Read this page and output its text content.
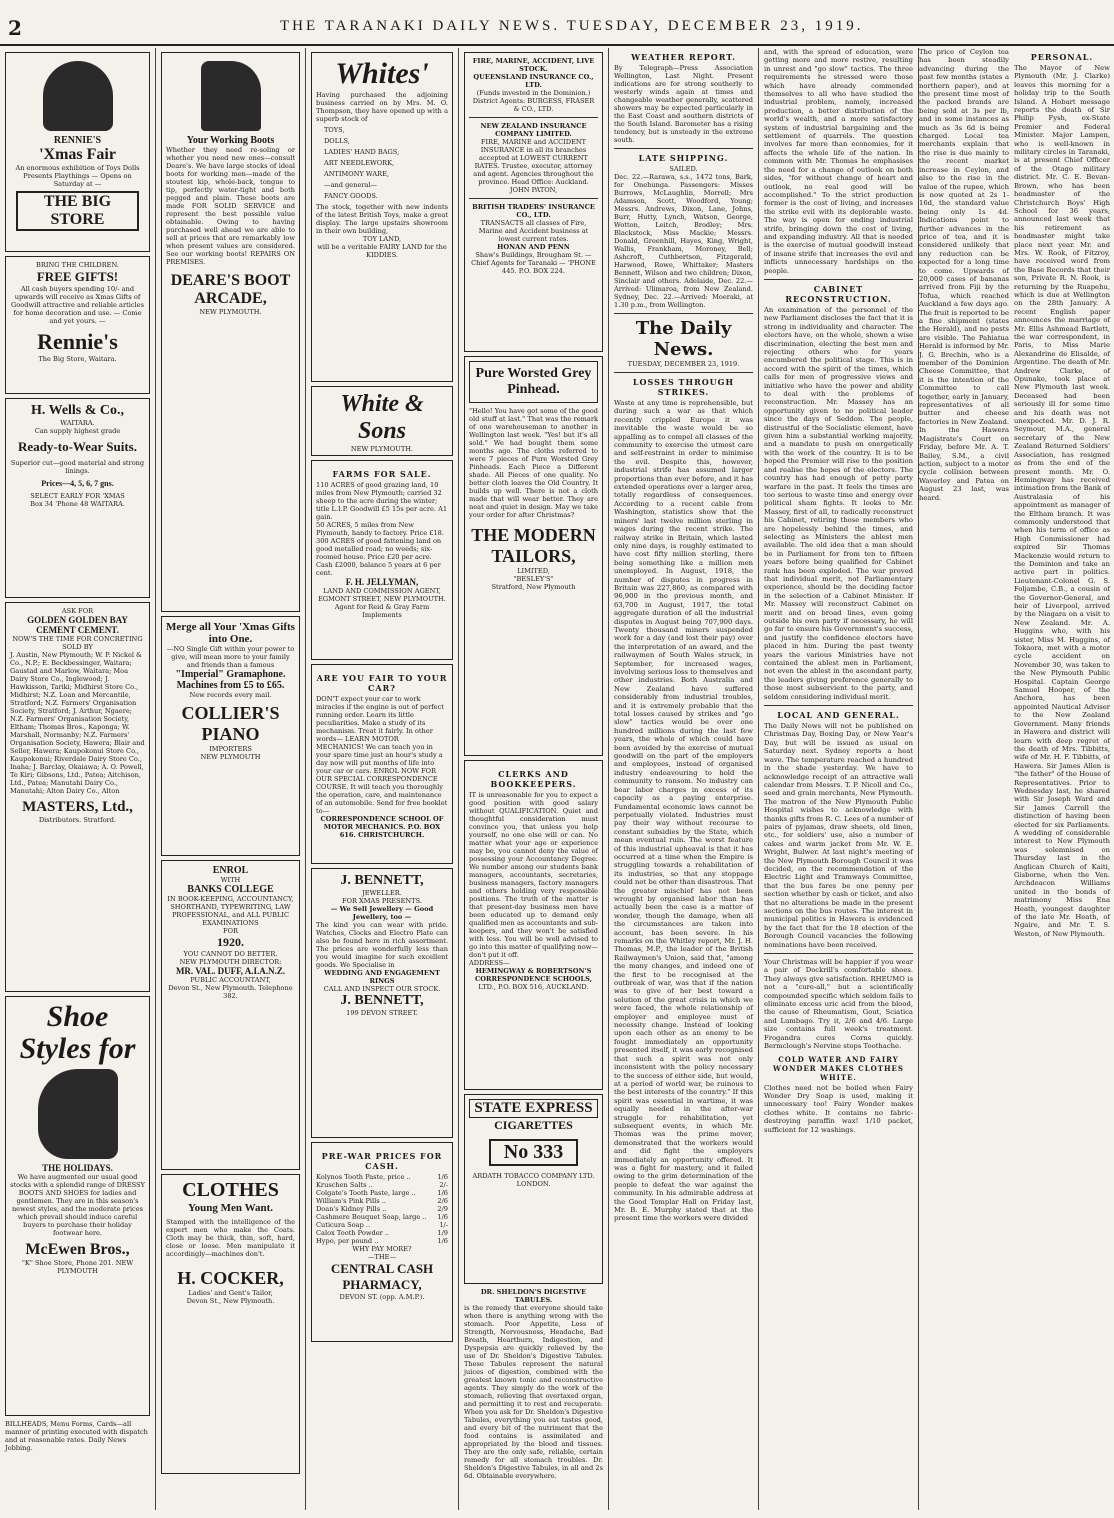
2	THE TARANAKI DAILY NEWS. TUESDAY, DECEMBER 23, 1919.
RENNIE'S
'Xmas Fair
An enormous exhibition of Toys Dolls Presents Playthings — Opens on Saturday at —
THE BIG STORE
BRING THE CHILDREN.
FREE GIFTS!
All cash buyers spending 10/- and upwards will receive as Xmas Gifts of Goodwill attractive and reliable articles for home decoration and use. — Come and yet yours. —
Rennie's
The Big Store, Waitara.
H. Wells & Co.,
WAITARA.
Can supply highest grade
Ready-to-Wear Suits.
Superior cut—good material and strong linings.
Prices—4, 5, 6, 7 gns.
SELECT EARLY FOR 'XMAS
Box 34 'Phone 48 WAITARA.
ASK FOR
GOLDEN GOLDEN BAY CEMENT CEMENT.
NOW'S THE TIME FOR CONCRETING
SOLD BY
J. Austin, New Plymouth; W. P. Nickel & Co., N.P.; E. Beckbessinger, Waitara; Gaustad and Marlow, Waitara; Moa Dairy Store Co., Inglewood; J. Hawkisson, Tariki; Midhirst Store Co., Midhirst; N.Z. Loan and Mercantile, Stratford; N.Z. Farmers' Organisation Society, Stratford; J. Arthur, Ngaere; N.Z. Farmers' Organisation Society, Eltham; Thomas Bros., Kaponga; W. Marshall, Normanby; N.Z. Farmers' Organisation Society, Hawera; Blair and Seller, Hawera; Kaupokonui Store Co., Kaupokonui; Riverdale Dairy Store Co., Inaha; J. Barclay, Okaiawa; A. O. Powell, Te Kiri; Gibsons, Ltd., Patea; Aitchison, Ltd., Patea; Manutahi Dairy Co., Manutahi; Alton Dairy Co., Alton
MASTERS, Ltd.,
Distributors. Stratford.
Shoe Styles for
THE HOLIDAYS.
We have augmented our usual good stocks with a splendid range of DRESSY BOOTS AND SHOES for ladies and gentlemen. They are in this season's newest styles, and the moderate prices which prevail should induce careful buyers to purchase their holiday footwear here.
McEwen Bros.,
"K" Shoe Store, Phone 201. NEW PLYMOUTH
BILLHEADS, Menu Forms, Cards—all manner of printing executed with dispatch and at reasonable rates. Daily News Jobbing.
Your Working Boots
Whether they need re-soling or whether you need new ones—consult Deare's. We have large stocks of ideal boots for working men—made of the stoutest kip, whole-back, tongue to tip, perfectly water-tight and both pegged and plain. These boots are made FOR SOLID SERVICE and represent the best possible value obtainable. Owing to having purchased well ahead we are able to sell at prices that are remarkably low when present values are considered. See our working boots! REPAIRS ON PREMISES.
DEARE'S BOOT ARCADE,
NEW PLYMOUTH.
Merge all Your 'Xmas Gifts into One.
—NO Single Gift within your power to give, will mean more to your family and friends than a famous
"Imperial" Gramaphone.
Machines from £5 to £65.
New records every mail.
COLLIER'S PIANO
IMPORTERS
NEW PLYMOUTH
ENROL
WITH
BANKS COLLEGE
IN BOOK-KEEPING, ACCOUNTANCY, SHORTHAND, TYPEWRITING, LAW PROFESSIONAL, and ALL PUBLIC EXAMINATIONS
FOR
1920.
YOU CANNOT DO BETTER.
NEW PLYMOUTH DIRECTOR:
MR. VAL. DUFF, A.I.A.N.Z.
PUBLIC ACCOUNTANT,
Devon St., New Plymouth. Telephone 382.
CLOTHES
Young Men Want.
Stamped with the intelligence of the expert men who make the Coats. Cloth may be thick, thin, soft, hard, close or loose. Men manipulate it accordingly—machines don't.
H. COCKER,
Ladies' and Gent's Tailor,
Devon St., New Plymouth.
Whites'
Having purchased the adjoining business carried on by Mrs. M. O. Thompson, they have opened up with a superb stock of
TOYS,
DOLLS,
LADIES' HAND BAGS,
ART NEEDLEWORK,
ANTIMONY WARE,
—and general—
FANCY GOODS.
The stock, together with new indents of the latest British Toys, make a great display. The large upstairs showroom in their own building,
TOY LAND,
will be a veritable FAIRY LAND for the KIDDIES.
White & Sons
NEW PLYMOUTH.
FARMS FOR SALE.
110 ACRES of good grazing land, 10 miles from New Plymouth; carried 32 sheep to the acre during the winter; title L.I.P. Goodwill £5 15s per acre. A1 gain.
50 ACRES, 5 miles from New Plymouth, handy to factory. Price £18.
300 ACRES of good fattening land on good metalled road; no weeds; six-roomed house. Price £20 per acre. Cash £2000, balance 5 years at 6 per cent.
F. H. JELLYMAN,
LAND AND COMMISSION AGENT, EGMONT STREET, NEW PLYMOUTH. Agent for Reid & Gray Farm Implements
ARE YOU FAIR TO YOUR CAR?
DON'T expect your car to work miracles if the engine is out of perfect running order. Learn its little peculiarities. Make a study of its mechanism. Treat it fairly. In other words— LEARN MOTOR MECHANICS! We can teach you in your spare time just an hour's study a day now will put months of life into your car or cars. ENROL NOW FOR OUR SPECIAL CORRESPONDENCE COURSE. It will teach you thoroughly the operation, care, and maintenance of an automobile. Send for free booklet to—
CORRESPONDENCE SCHOOL OF MOTOR MECHANICS. P.O. BOX 616. CHRISTCHURCH.
J. BENNETT,
JEWELLER.
FOR XMAS PRESENTS.
— We Sell Jewellery — Good Jewellery, too —
The kind you can wear with pride. Watches, Clocks and Electro Plate can also be found here in rich assortment. The prices are wonderfully less than you would imagine for such excellent goods. We Specialise in
WEDDING AND ENGAGEMENT RINGS
CALL AND INSPECT OUR STOCK.
J. BENNETT,
199 DEVON STREET.
PRE-WAR PRICES FOR CASH.
Kolynos Tooth Paste, price ..	1/6
Kruschen Salts ..	2/-
Colgate's Tooth Paste, large ..	1/6
William's Pink Pills ..	2/6
Doan's Kidney Pills ..	2/9
Cashmere Bouquet Soap, large .. 1/6
Cuticura Soap ..	1/-
Calox Tooth Powder ..	1/9
Hypo, per pound ..	1/6
WHY PAY MORE?
—THE—
CENTRAL CASH PHARMACY,
DEVON ST. (opp. A.M.P.).
FIRE, MARINE, ACCIDENT, LIVE STOCK.
QUEENSLAND INSURANCE CO., LTD.
(Funds invested in the Dominion.) District Agents: BURGESS, FRASER & CO., LTD.
NEW ZEALAND INSURANCE COMPANY LIMITED.
FIRE, MARINE and ACCIDENT INSURANCE in all its branches accepted at LOWEST CURRENT RATES. Trustee, executor, attorney and agent. Agencies throughout the province. Head Office: Auckland. JOHN PATON,
BRITISH TRADERS' INSURANCE CO., LTD.
TRANSACTS all classes of Fire, Marine and Accident business at lowest current rates.
HONAN AND PENN
Shaw's Buildings, Brougham St. — Chief Agents for Taranaki — 'PHONE 445. P.O. BOX 224.
Pure Worsted Grey Pinhead.
"Hello! You have got some of the good old stuff at last." That was the remark of one warehouseman to another in Wellington last week. "Yes! but it's all sold." We had bought them some months ago. The cloths referred to were 7 pieces of Pure Worsted Grey Pinheads. Each Piece a Different shade. All Pieces of one quality. No better cloth leaves the Old Country. It builds up well. There is not a cloth made that will wear better. They are neat and quiet in design. May we take your order for after Christmas?
THE MODERN TAILORS,
LIMITED,
"BESLEY'S"
Stratford, New Plymouth
CLERKS AND BOOKKEEPERS.
IT is unreasonable for you to expect a good position with good salary without QUALIFICATION. Quiet and thoughtful consideration must convince you, that unless you help yourself, no one else will or can. No matter what your age or experience may be, you cannot deny the value of possessing your Accountancy Degree. We number among our students bank managers, accountants, secretaries, business managers, factory managers and others holding very responsible positions. The truth of the matter is that present-day business men have been educated up to demand only qualified men as accountants and sub-keepers, and they won't be satisfied with less. You will be well advised to go into this matter of qualifying now—don't put it off.
ADDRESS—
HEMINGWAY & ROBERTSON'S CORRESPONDENCE SCHOOLS,
LTD., P.O. BOX 516, AUCKLAND.
STATE EXPRESS
CIGARETTES
No 333
ARDATH TOBACCO COMPANY LTD. LONDON.
DR. SHELDON'S DIGESTIVE TABULES.
is the remedy that everyone should take when there is anything wrong with the stomach. Poor Appetite, Loss of Strength, Nervousness, Headache, Bad Breath, Heartburn, Indigestion, and Dyspepsia are quickly relieved by the use of Dr. Sheldon's Digestive Tabules. These Tabules represent the natural juices of digestion, combined with the greatest known tonic and reconstructive agents. They simply do the work of the stomach, relieving that overtaxed organ, and permitting it to rest and recuperate. When you ask for Dr. Sheldon's Digestive Tabules, everything you eat tastes good, and every bit of the nutriment that the food contains is assimilated and appropriated by the blood and tissues. They are the only safe, reliable, certain remedy for all stomach troubles. Dr. Sheldon's Digestive Tabules, in all and 2s 6d. Obtainable everywhere.
WEATHER REPORT.
By Telegraph—Press Association Wellington, Last Night. Present indications are for strong southerly to westerly winds again at times and changeable weather generally, scattered showers may be expected particularly in the East Coast and southern districts of the South Island. Barometer has a rising tendency, but is unsteady in the extreme south.
LATE SHIPPING.
SAILED.
Dec. 22.—Rarawa, s.s., 1472 tons, Bark, for Onehunga. Passengers: Misses Burrows, McLaughlin, Morrell; Mrs Adamson, Scott, Woodford, Young; Messrs. Andrews, Dixon, Lane, Johns, Burr, Hutty, Lynch, Watson, George, Wotton, Leitch, Brodley; Mrs. Blackstock, Miss Mackie; Messrs. Donald, Greenhill, Hayes, King, Wright, Wallis, Frankham, Moroney, Bell; Ashcroft, Cuthbertson, Fitzgerald, Harwood, Rowe, Whittaker; Masters Bennett, Wilson and two children; Dixon, Sinclair and others. Adelaide, Dec. 22.—Arrived: Ulimaroa, from New Zealand. Sydney, Dec. 22.—Arrived: Moeraki, at 1.30 p.m., from Wellington.
The Daily News.
TUESDAY, DECEMBER 23, 1919.
LOSSES THROUGH STRIKES.
Waste at any time is reprehensible, but during such a war as that which recently crippled Europe it was inevitable the waste would be so appalling as to compel all classes of the community to exercise the utmost care and self-restraint in order to minimise the evil. Despite this, however, industrial strife has assumed larger proportions than ever before, and it has extended operations over a larger area, totally regardless of consequences. According to a recent cable from Washington, statistics show that the miners' last twelve million sterling in wages during the recent strike. The railway strike in Britain, which lasted only nine days, is roughly estimated to have cost fifty million sterling, there being something like a million men unemployed. In August, 1918, the number of disputes in progress in Britain was 227,860, as compared with 96,900 in the previous month, and 63,700 in August, 1917, the total aggregate duration of all the industrial disputes in August being 707,900 days. Twenty thousand miners suspended work for a day (and lost their pay) over the interpretation of an award, and the railwaymen of South Wales struck, in September, for increased wages, involving serious loss to themselves and other industries. Both Australia and New Zealand have suffered considerably from industrial troubles, and it is extremely probable that the total losses caused by strikes and "go slow" tactics would be over one hundred millions during the last few years, the whole of which could have been avoided by the exercise of mutual goodwill on the part of the employers and employees, instead of organised industry endeavouring to hold the community to ransom. No industry can bear labor charges in excess of its capacity as a paying enterprise. Fundamental economic laws cannot be perpetually violated. Industries must pay their way without recourse to constant subsidies by the State, which mean eventual ruin. The worst feature of this industrial upheaval is that it has occurred at a time when the Empire is struggling towards a rehabilitation of its industries, so that any stoppage could not be other than disastrous. That the greater mischief has not been wrought by organised labor than has actually been the case is a matter of wonder, though the damage, when all the circumstances are taken into account, has been severe. In his remarks on the Whitley report, Mr. J. H. Thomas, M.P., the leader of the British Railwaymen's Union, said that, "among the many changes, and indeed one of the first to be recognised at the outbreak of war, was that if the nation was to give of her best toward a solution of the great crisis in which we were faced, the whole relationship of employer and employee must of necessity change. Instead of looking upon each other as an enemy to be fought immediately an opportunity presented itself, it was early recognised that such a spirit was not only inconsistent with the policy necessary to the success of either side, but would, at a period of world war, be ruinous to the best interests of the country." If this spirit was essential in wartime, it was equally needed in the after-war struggle for rehabilitation, yet subsequent events, in which Mr. Thomas was the prime mover, demonstrated that the workers would and did fight the employers immediately an opportunity offered. It was a fight for mastery, and it failed owing to the grim determination of the people to defeat the war against the community. In his admirable address at the Good Templar Hall on Friday last, Mr. B. E. Murphy stated that at the present time the workers were divided
and, with the spread of education, were getting more and more restive, resulting in unrest and "go slow" tactics. The three requirements he stressed were those which have already commended themselves to all who have studied the industrial problem, namely, increased production, a better distribution of the world's wealth, and a more satisfactory system of industrial bargaining and the settlement of quarrels. The question involves far more than economies, for it affects the whole life of the nation. In common with Mr. Thomas he emphasises the need for a change of outlook on both sides, "for without change of heart and outlook, no real good will be accomplished." To the strict production former is the cost of living, and increases the strike evil with its deplorable waste. The way is open for ending industrial strife, bringing down the cost of living, and expanding industry. All that is needed is the exercise of mutual goodwill instead of insane strife that increases the evil and inflicts unnecessary hardships on the people.
CABINET RECONSTRUCTION.
An examination of the personnel of the new Parliament discloses the fact that it is strong in individuality and character. The electors have, on the whole, shown a wise discrimination, electing the best men and rejecting others who for years encumbered the political stage. This is in accord with the spirit of the times, which calls for men of progressive views and initiative who have the power and ability to deal with the problems of reconstruction. Mr. Massey has an opportunity given to no political leader since the days of Seddon. The people, distrustful of the Socialistic element, have given him a substantial working majority, and a mandate to push on energetically with the work of the country. It is to be hoped the Premier will rise to the position and realise the hopes of the electors. The country has had enough of petty party warfare in the past. It feels the times are too serious to waste time and energy over political sham fights. It looks to Mr. Massey, first of all, to radically reconstruct his Cabinet, retiring those members who are hopelessly behind the times, and selecting as Ministers the ablest men available. The old idea that a man should be in Parliament for from ten to fifteen years before being qualified for Cabinet rank has been exploded. The war proved that individual merit, not Parliamentary experience, should be the deciding factor in the selection of a Cabinet Minister. If Mr. Massey will reconstruct Cabinet on merit and on broad lines, even going outside his own party if necessary, he will go far to ensure his Government's success, and justify the confidence electors have placed in him. During the past twenty years the various Ministries have not contained the ablest men in Parliament, not even the ablest in the ascendant party, the leaders giving preference generally to those most subservient to the party, and seldom considering individual merit.
LOCAL AND GENERAL.
The Daily News will not be published on Christmas Day, Boxing Day, or New Year's Day, but will be issued as usual on Saturday next. Sydney reports a heat wave. The temperature reached a hundred in the shade yesterday. We have to acknowledge receipt of an attractive wall calendar from Messrs. T. P. Nicoll and Co., seed and grain merchants, New Plymouth. The matron of the New Plymouth Public Hospital wishes to acknowledge with thanks gifts from R. C. Lees of a number of pairs of pyjamas, draw sheets, old linen, etc., for soldiers' use, also a number of cakes and warm jacket from Mr. W. E. Wright, Bulwer. At last night's meeting of the New Plymouth Borough Council it was decided, on the recommendation of the Electric Light and Tramways Committee, that the bus fares be one penny per section whether by cash or ticket, and also that no alterations be made in the present sections on the bus routes. The interest in municipal politics in Hawera is evidenced by the fact that for the 18 election of the Borough Council vacancies the following nominations have been received.
Your Christmas will be happier if you wear a pair of Dockrill's comfortable shoes. They always give satisfaction. RHEUMO is not a "cure-all," but a scientifically compounded specific which seldom fails to eliminate excess uric acid from the blood, the cause of Rheumatism, Gout, Sciatica and Lumbago. Try it, 2/6 and 4/6. Large size contains full week's treatment. Frogandra cures Corns quickly. Bermclough's Nervine stops Toothache.
COLD WATER AND FAIRY WONDER MAKES CLOTHES WHITE.
Clothes need not be boiled when Fairy Wonder Dry Soap is used, making it unnecessary too! Fairy Wonder makes clothes white. It contains no fabric-destroying paraffin wax! 1/10 packet, sufficient for 12 washings.
The price of Ceylon tea has been steadily advancing during the past few months (states a northern paper), and at the present time most of the packed brands are being sold at 3s per lb, and in some instances as much as 3s 6d is being charged. Local tea merchants explain that the rise is due mainly to the recent market increase in Ceylon, and also to the rise in the value of the rupee, which is now quoted at 2s 1-16d, the standard value being only 1s 4d. Indications point to further advances in the price of tea, and it is considered unlikely that any reduction can be expected for a long time to come. Upwards of 20,000 cases of bananas arrived from Fiji by the Tofua, which reached Auckland a few days ago. The fruit is reported to be a fine shipment (states the Herald), and no pests are visible. The Pahiatua Herald is informed by Mr. J. G. Brechin, who is a member of the Dominion Cheese Committee, that it is the intention of the Committee to call together, early in January, representatives of all butter and cheese factories in New Zealand. In the Hawera Magistrate's Court on Friday, before Mr. A. T. Bailey, S.M., a civil action, subject to a motor cycle collision between Waverley and Patea on August 23 last, was heard.
PERSONAL.
The Mayor of New Plymouth (Mr. J. Clarke) leaves this morning for a holiday trip to the South Island. A Hobart message reports the death of Sir Philip Fysh, ex-State Premier and Federal Minister. Major Lampen, who is well-known in military circles in Taranaki, is at present Chief Officer of the Otago military district. Mr. C. E. Bevan-Brown, who has been headmaster of the Christchurch Boys' High School for 36 years, announced last week that his retirement as headmaster might take place next year. Mr. and Mrs. W. Rook, of Fitzroy, have received word from the Base Records that their son, Private R. N. Rook, is returning by the Ruapehu, which is due at Wellington on the 28th January. A recent English paper announces the marriage of Mr. Ellis Ashmead Bartlett, the war correspondent, in Paris, to Miss Marie Alexandrine de Elisalde, of Argentine. The death of Mr. Andrew Clarke, of Opunake, took place at New Plymouth last week. Deceased had been seriously ill for some time and his death was not unexpected. Mr. D. J. R. Seymour, M.A., general secretary of the New Zealand Returned Soldiers' Association, has resigned as from the end of the present month. Mr. O. Hemingway has received intimation from the Bank of Australasia of his appointment as manager of the Eltham branch. It was commonly understood that when his term of office as High Commissioner had expired Sir Thomas Mackenzie would return to the Dominion and take an active part in politics. Lieutenant-Colonel G. S. Foljambe, C.B., a cousin of the Governor-General, and heir of Liverpool, arrived by the Niagara on a visit to New Zealand. Mr. A. Huggins who, with his sister, Miss M. Huggins, of Tokaora, met with a motor cycle accident on November 30, was taken to the New Plymouth Public Hospital. Captain George Samuel Hooper, of the Anchora, has been appointed Nautical Adviser to the New Zealand Government. Many friends in Hawera and district will learn with deep regret of the death of Mrs. Tibbitts, wife of Mr. H. F. Tibbitts, of Hawera. Sir James Allen is "the father" of the House of Representatives. Prior to Wednesday last, he shared with Sir Joseph Ward and Sir James Carroll the distinction of having been elected for six Parliaments. A wedding of considerable interest to New Plymouth was solemnised on Thursday last in the Anglican Church of Kaiti, Gisborne, when the Ven. Archdeacon Williams united in the bonds of matrimony Miss Ena Heath, youngest daughter of the late Mr. Heath, of Ngaire, and Mr. T. S. Weston, of New Plymouth.
